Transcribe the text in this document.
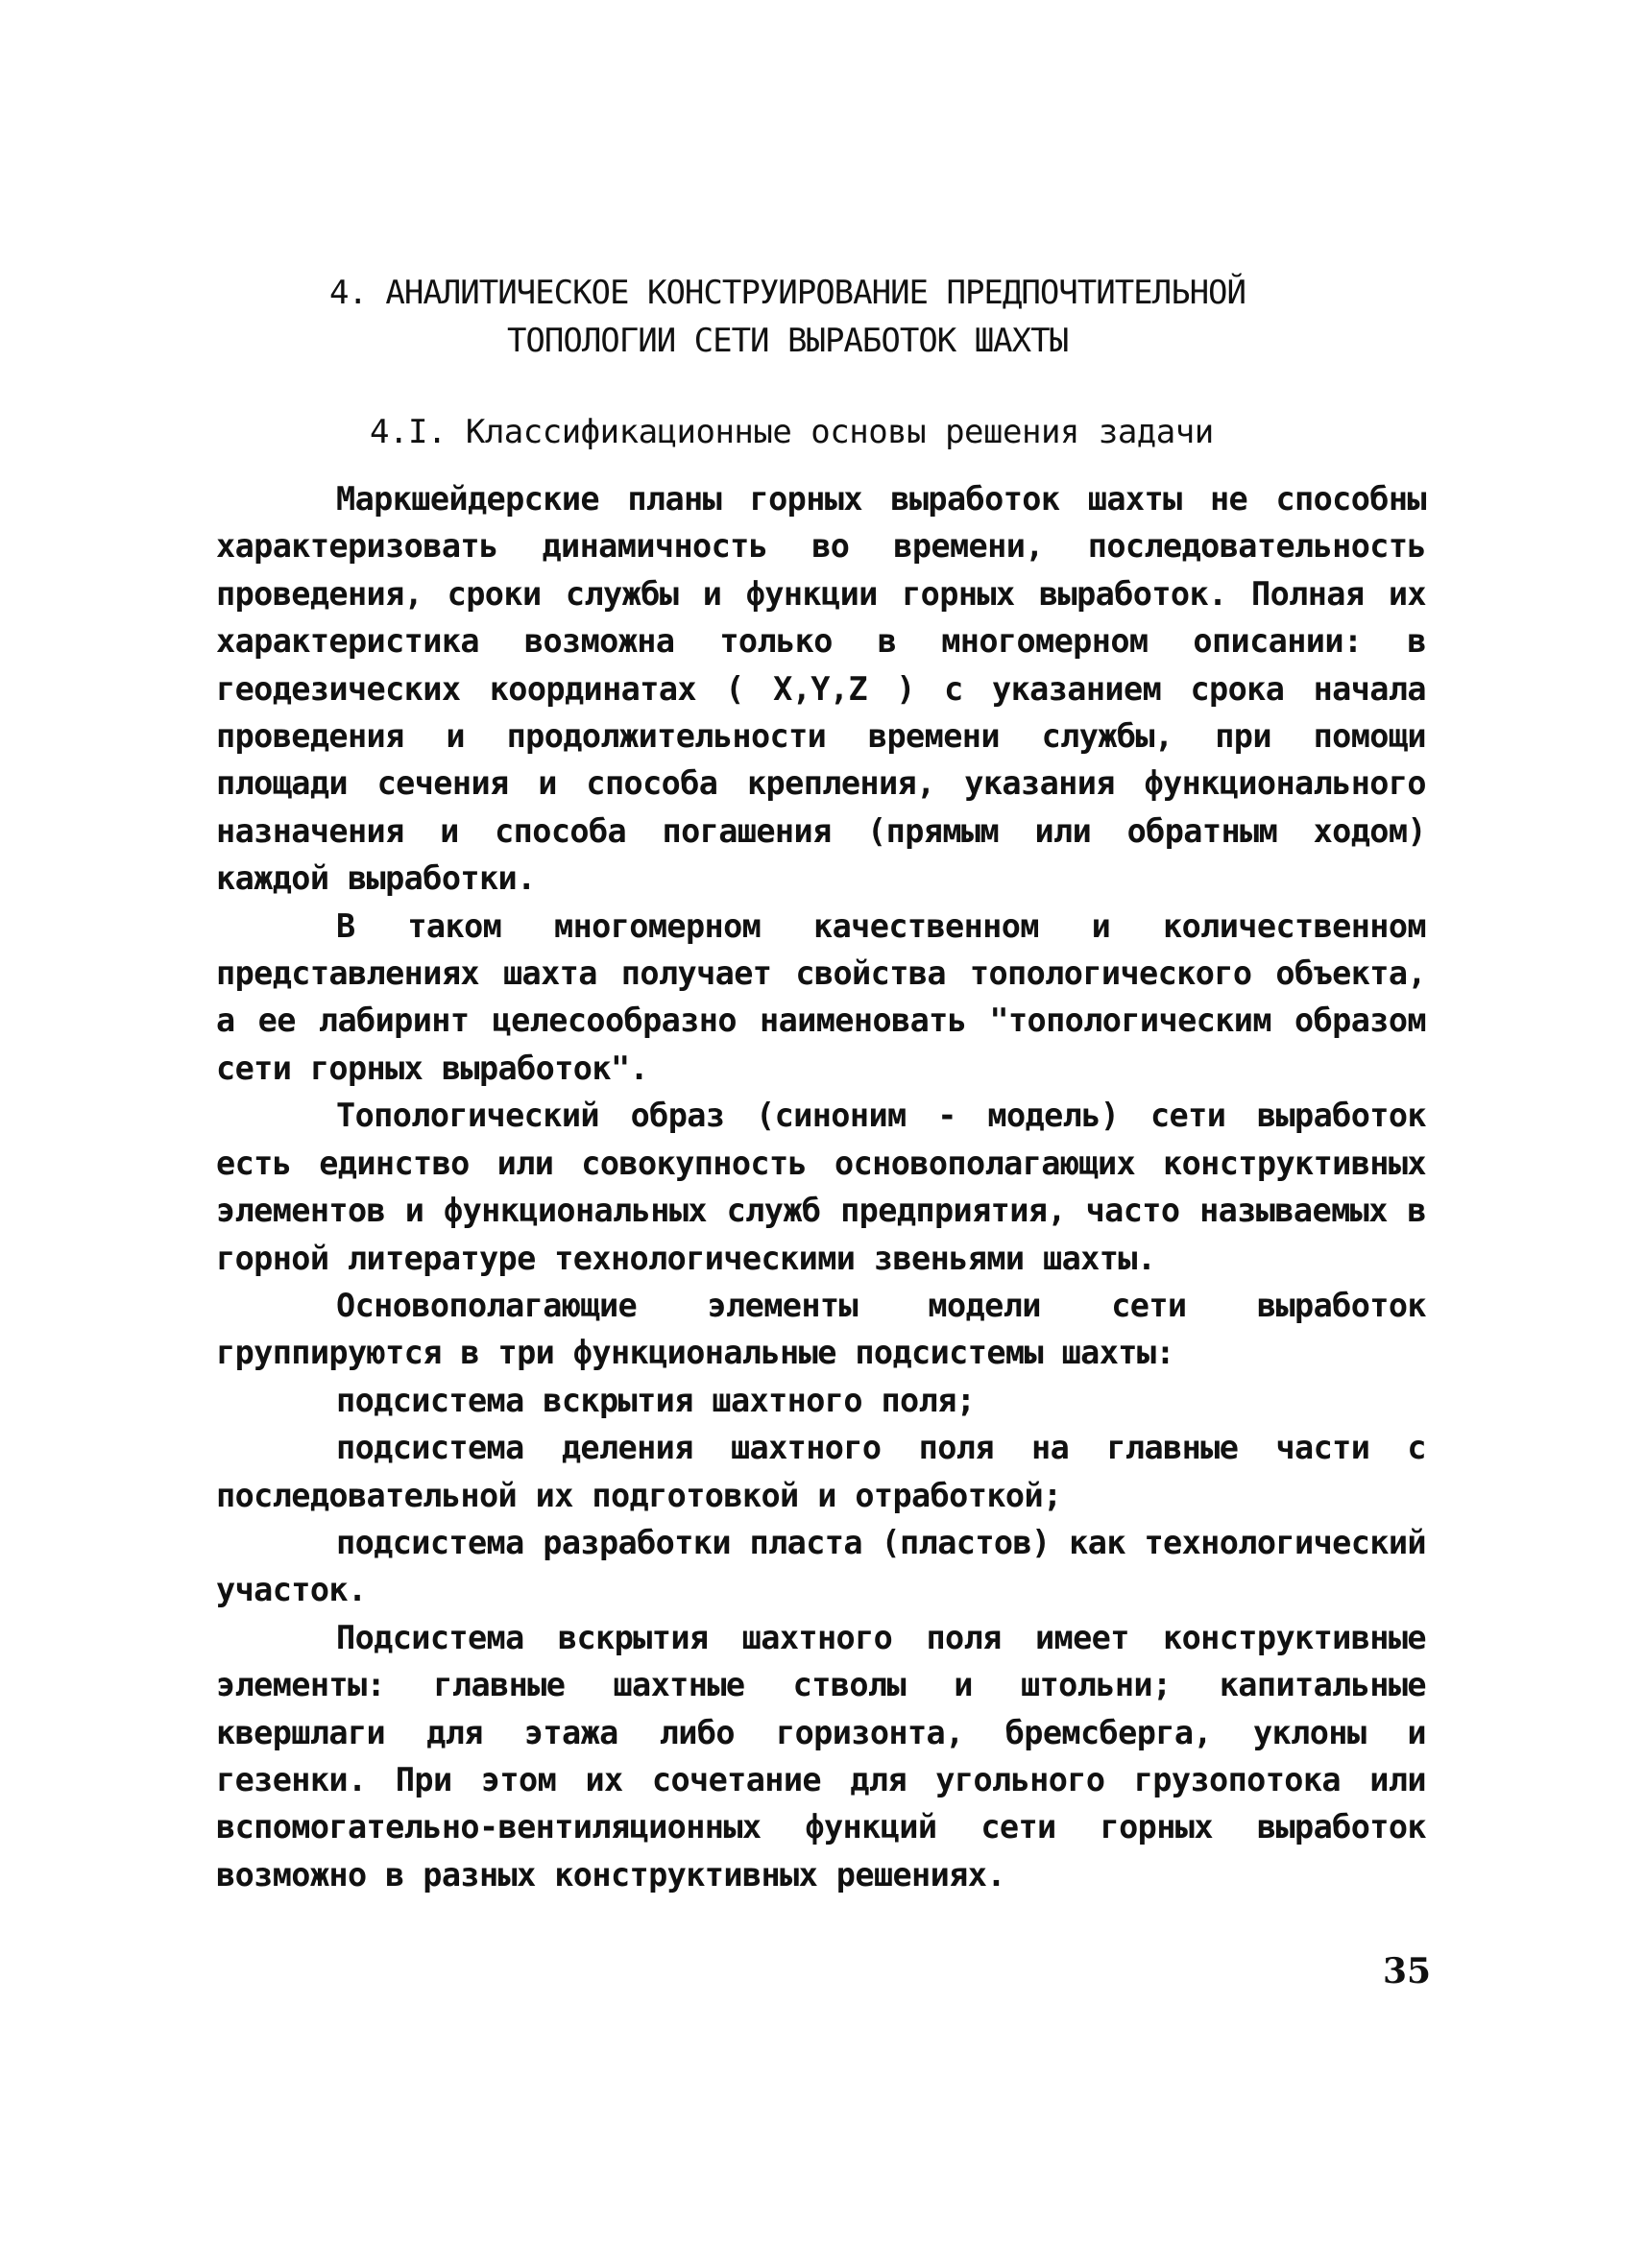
4. АНАЛИТИЧЕСКОЕ КОНСТРУИРОВАНИЕ ПРЕДПОЧТИТЕЛЬНОЙ
ТОПОЛОГИИ СЕТИ ВЫРАБОТОК ШАХТЫ
4.I. Классификационные основы решения задачи

Маркшейдерские планы горных выработок шахты не способны характеризовать динамичность во времени, последовательность проведения, сроки службы и функции горных выработок. Полная их характеристика возможна только в многомерном описании: в геодезических координатах ( X,Y,Z ) с указанием срока начала проведения и продолжительности времени службы, при помощи площади сечения и способа крепления, указания функционального назначения и способа погашения (прямым или обратным ходом) каждой выработки.

В таком многомерном качественном и количественном представлениях шахта получает свойства топологического объекта, а ее лабиринт целесообразно наименовать "топологическим образом сети горных выработок".

Топологический образ (синоним - модель) сети выработок есть единство или совокупность основополагающих конструктивных элементов и функциональных служб предприятия, часто называемых в горной литературе технологическими звеньями шахты.

Основополагающие элементы модели сети выработок группируются в три функциональные подсистемы шахты:

подсистема вскрытия шахтного поля;

подсистема деления шахтного поля на главные части с последовательной их подготовкой и отработкой;

подсистема разработки пласта (пластов) как технологический участок.

Подсистема вскрытия шахтного поля имеет конструктивные элементы: главные шахтные стволы и штольни; капитальные квершлаги для этажа либо горизонта, бремсберга, уклоны и гезенки. При этом их сочетание для угольного грузопотока или вспомогательно-вентиляционных функций сети горных выработок возможно в разных конструктивных решениях.

35
